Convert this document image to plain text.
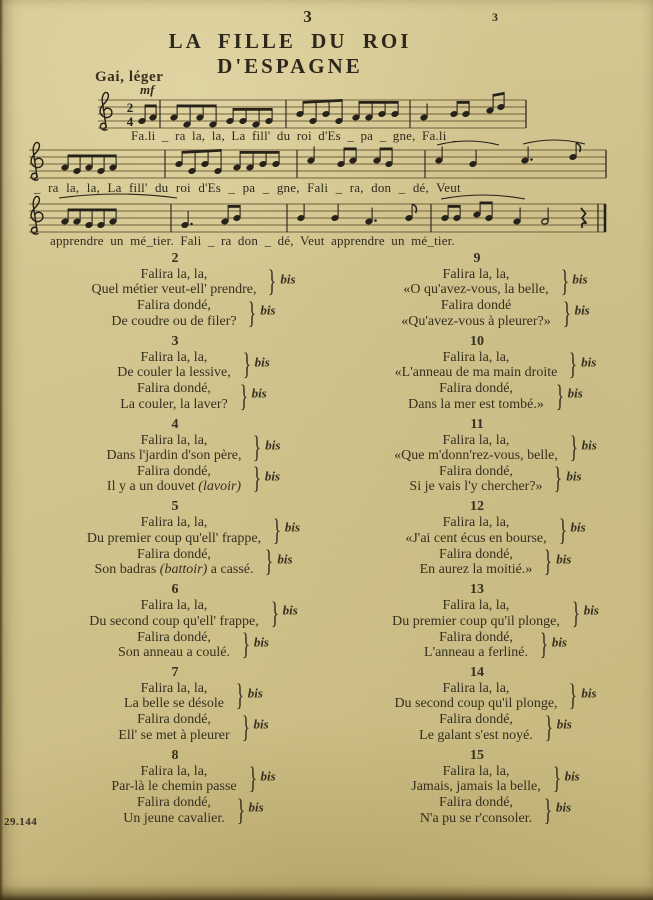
3	3
LA FILLE DU ROI D'ESPAGNE
Gai, léger
mf
2
4
Fa.li _ ra la, la, La fill' du roi d'Es _ pa _ gne, Fa.li _
_ ra la, la, La fill' du roi d'Es _ pa _ gne, Fali _ ra, don _ dé, Veut
apprendre un mé_tier. Fali _ ra don _ dé, Veut apprendre un mé_tier.
2
Falira la, la,
Quel métier veut-ell' prendre, } bis
Falira dondé,
De coudre ou de filer? } bis
3
Falira la, la,
De couler la lessive, } bis
Falira dondé,
La couler, la laver? } bis
4
Falira la, la,
Dans l'jardin d'son père, } bis
Falira dondé,
Il y a un douvet (lavoir) } bis
5
Falira la, la,
Du premier coup qu'ell' frappe, } bis
Falira dondé,
Son badras (battoir) a cassé. } bis
6
Falira la, la,
Du second coup qu'ell' frappe, } bis
Falira dondé,
Son anneau a coulé. } bis
7
Falira la, la,
La belle se désole } bis
Falira dondé,
Ell' se met à pleurer } bis
8
Falira la, la,
Par-là le chemin passe } bis
Falira dondé,
Un jeune cavalier. } bis
9
Falira la, la,
«O qu'avez-vous, la belle, } bis
Falira dondé
«Qu'avez-vous à pleurer?» } bis
10
Falira la, la,
«L'anneau de ma main droite } bis
Falira dondé,
Dans la mer est tombé.» } bis
11
Falira la, la,
«Que m'donn'rez-vous, belle, } bis
Falira dondé,
Si je vais l'y chercher?» } bis
12
Falira la, la,
«J'ai cent écus en bourse, } bis
Falira dondé,
En aurez la moitié.» } bis
13
Falira la, la,
Du premier coup qu'il plonge, } bis
Falira dondé,
L'anneau a ferliné. } bis
14
Falira la, la,
Du second coup qu'il plonge, } bis
Falira dondé,
Le galant s'est noyé. } bis
15
Falira la, la,
Jamais, jamais la belle, } bis
Falira dondé,
N'a pu se r'consoler. } bis
29.144
